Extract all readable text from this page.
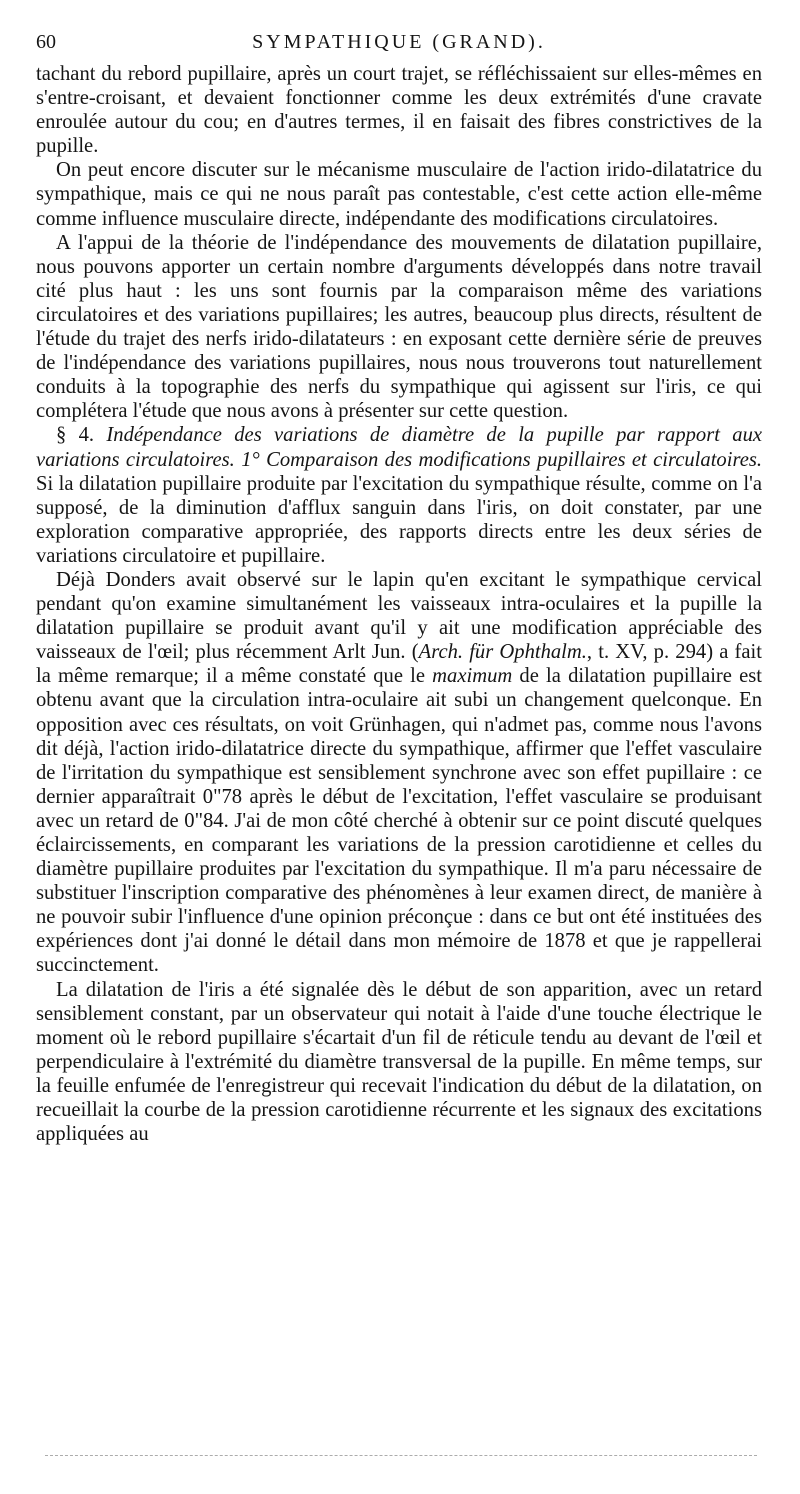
60	SYMPATHIQUE (GRAND).

tachant du rebord pupillaire, après un court trajet, se réfléchissaient sur elles-mêmes en s'entre-croisant, et devaient fonctionner comme les deux extrémités d'une cravate enroulée autour du cou; en d'autres termes, il en faisait des fibres constrictives de la pupille.

On peut encore discuter sur le mécanisme musculaire de l'action irido-dilatatrice du sympathique, mais ce qui ne nous paraît pas contestable, c'est cette action elle-même comme influence musculaire directe, indépendante des modifications circulatoires.

A l'appui de la théorie de l'indépendance des mouvements de dilatation pupillaire, nous pouvons apporter un certain nombre d'arguments développés dans notre travail cité plus haut : les uns sont fournis par la comparaison même des variations circulatoires et des variations pupillaires; les autres, beaucoup plus directs, résultent de l'étude du trajet des nerfs irido-dilatateurs : en exposant cette dernière série de preuves de l'indépendance des variations pupillaires, nous nous trouverons tout naturellement conduits à la topographie des nerfs du sympathique qui agissent sur l'iris, ce qui complétera l'étude que nous avons à présenter sur cette question.

§ 4. Indépendance des variations de diamètre de la pupille par rapport aux variations circulatoires. 1° Comparaison des modifications pupillaires et circulatoires. Si la dilatation pupillaire produite par l'excitation du sympathique résulte, comme on l'a supposé, de la diminution d'afflux sanguin dans l'iris, on doit constater, par une exploration comparative appropriée, des rapports directs entre les deux séries de variations circulatoire et pupillaire.

Déjà Donders avait observé sur le lapin qu'en excitant le sympathique cervical pendant qu'on examine simultanément les vaisseaux intra-oculaires et la pupille la dilatation pupillaire se produit avant qu'il y ait une modification appréciable des vaisseaux de l'œil; plus récemment Arlt Jun. (Arch. für Ophthalm., t. XV, p. 294) a fait la même remarque; il a même constaté que le maximum de la dilatation pupillaire est obtenu avant que la circulation intra-oculaire ait subi un changement quelconque. En opposition avec ces résultats, on voit Grünhagen, qui n'admet pas, comme nous l'avons dit déjà, l'action irido-dilatatrice directe du sympathique, affirmer que l'effet vasculaire de l'irritation du sympathique est sensiblement synchrone avec son effet pupillaire : ce dernier apparaîtrait 0"78 après le début de l'excitation, l'effet vasculaire se produisant avec un retard de 0"84. J'ai de mon côté cherché à obtenir sur ce point discuté quelques éclaircissements, en comparant les variations de la pression carotidienne et celles du diamètre pupillaire produites par l'excitation du sympathique. Il m'a paru nécessaire de substituer l'inscription comparative des phénomènes à leur examen direct, de manière à ne pouvoir subir l'influence d'une opinion préconçue : dans ce but ont été instituées des expériences dont j'ai donné le détail dans mon mémoire de 1878 et que je rappellerai succinctement.

La dilatation de l'iris a été signalée dès le début de son apparition, avec un retard sensiblement constant, par un observateur qui notait à l'aide d'une touche électrique le moment où le rebord pupillaire s'écartait d'un fil de réticule tendu au devant de l'œil et perpendiculaire à l'extrémité du diamètre transversal de la pupille. En même temps, sur la feuille enfumée de l'enregistreur qui recevait l'indication du début de la dilatation, on recueillait la courbe de la pression carotidienne récurrente et les signaux des excitations appliquées au
